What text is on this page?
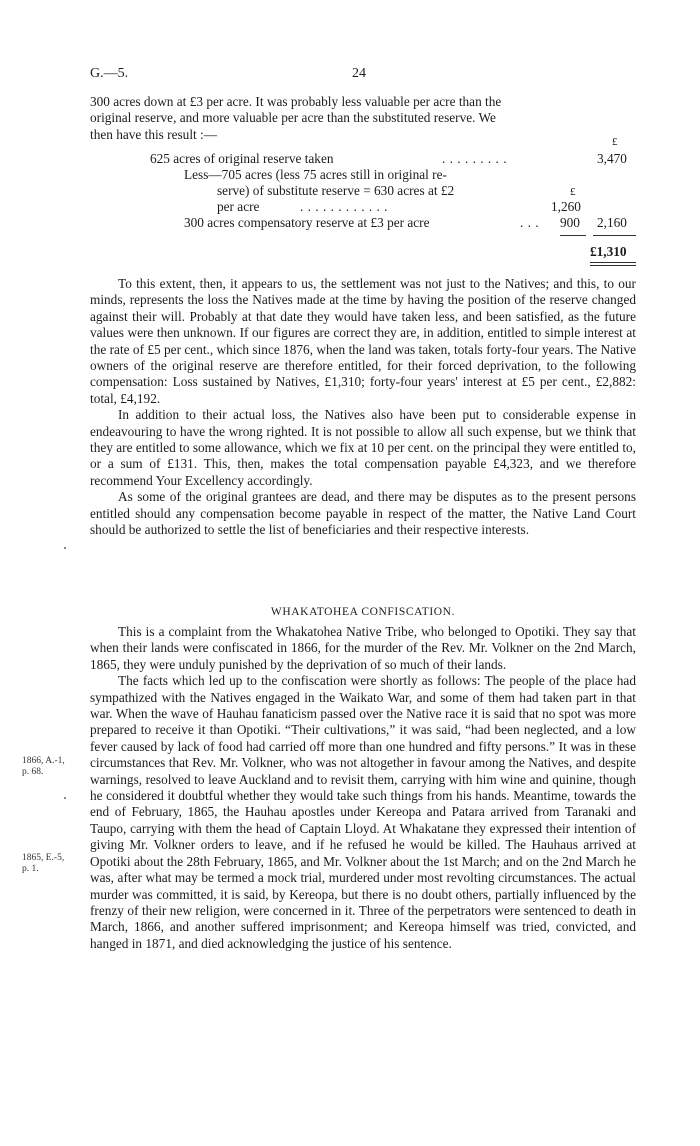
G.—5.	24
300 acres down at £3 per acre. It was probably less valuable per acre than the
original reserve, and more valuable per acre than the substituted reserve. We
then have this result :—
£
625 acres of original reserve taken	. . . . . . . . .	3,470
Less—705 acres (less 75 acres still in original re-
serve) of substitute reserve = 630 acres at £2	£
per acre	. . . . . . . . . . . .	1,260
300 acres compensatory reserve at £3 per acre	. . . 900 2,160
£1,310

To this extent, then, it appears to us, the settlement was not just to the Natives; and this, to our minds, represents the loss the Natives made at the time by having the position of the reserve changed against their will. Probably at that date they would have taken less, and been satisfied, as the future values were then unknown. If our figures are correct they are, in addition, entitled to simple interest at the rate of £5 per cent., which since 1876, when the land was taken, totals forty-four years. The Native owners of the original reserve are therefore entitled, for their forced deprivation, to the following compensation: Loss sustained by Natives, £1,310; forty-four years' interest at £5 per cent., £2,882: total, £4,192.

In addition to their actual loss, the Natives also have been put to considerable expense in endeavouring to have the wrong righted. It is not possible to allow all such expense, but we think that they are entitled to some allowance, which we fix at 10 per cent. on the principal they were entitled to, or a sum of £131. This, then, makes the total compensation payable £4,323, and we therefore recommend Your Excellency accordingly.

As some of the original grantees are dead, and there may be disputes as to the present persons entitled should any compensation become payable in respect of the matter, the Native Land Court should be authorized to settle the list of beneficiaries and their respective interests.

WHAKATOHEA CONFISCATION.

This is a complaint from the Whakatohea Native Tribe, who belonged to Opotiki. They say that when their lands were confiscated in 1866, for the murder of the Rev. Mr. Volkner on the 2nd March, 1865, they were unduly punished by the deprivation of so much of their lands.

The facts which led up to the confiscation were shortly as follows: The people of the place had sympathized with the Natives engaged in the Waikato War, and some of them had taken part in that war. When the wave of Hauhau fanaticism passed over the Native race it is said that no spot was more prepared to receive it than Opotiki. “Their cultivations,” it was said, “had been neglected, and a low fever caused by lack of food had carried off more than one hundred and fifty persons.” It was in these circumstances that Rev. Mr. Volkner, who was not altogether in favour among the Natives, and despite warnings, resolved to leave Auckland and to revisit them, carrying with him wine and quinine, though he considered it doubtful whether they would take such things from his hands. Meantime, towards the end of February, 1865, the Hauhau apostles under Kereopa and Patara arrived from Taranaki and Taupo, carrying with them the head of Captain Lloyd. At Whakatane they expressed their intention of giving Mr. Volkner orders to leave, and if he refused he would be killed. The Hauhaus arrived at Opotiki about the 28th February, 1865, and Mr. Volkner about the 1st March; and on the 2nd March he was, after what may be termed a mock trial, murdered under most revolting circumstances. The actual murder was committed, it is said, by Kereopa, but there is no doubt others, partially influenced by the frenzy of their new religion, were concerned in it. Three of the perpetrators were sentenced to death in March, 1866, and another suffered imprisonment; and Kereopa himself was tried, convicted, and hanged in 1871, and died acknowledging the justice of his sentence.

1866, A.-1,
p. 68.
1865, E.-5,
p. 1.
